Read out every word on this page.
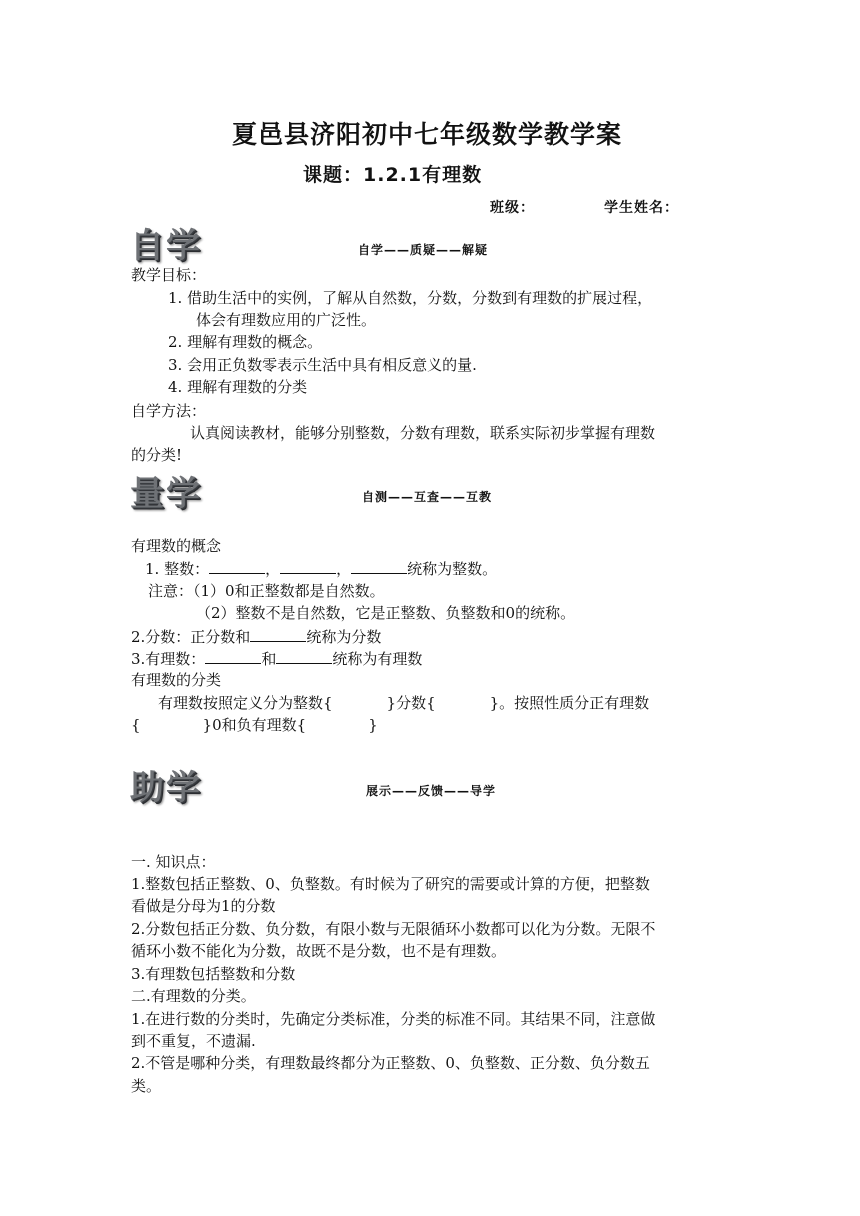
夏邑县济阳初中七年级数学教学案
课题：1.2.1有理数
班级：	学生姓名：
自学	自学——质疑——解疑
教学目标：
1. 借助生活中的实例，了解从自然数，分数，分数到有理数的扩展过程，
体会有理数应用的广泛性。
2. 理解有理数的概念。
3. 会用正负数零表示生活中具有相反意义的量.
4. 理解有理数的分类
自学方法：
认真阅读教材，能够分别整数，分数有理数，联系实际初步掌握有理数
的分类!
量学	自测——互查——互教
有理数的概念
1. 整数：	，	，	统称为整数。
注意：（1）0和正整数都是自然数。
（2）整数不是自然数，它是正整数、负整数和0的统称。
2.分数：正分数和	统称为分数
3.有理数：	和	统称为有理数
有理数的分类
有理数按照定义分为整数{	}分数{	}。按照性质分正有理数
{	}0和负有理数{	}
助学	展示——反馈——导学
一. 知识点：
1.整数包括正整数、0、负整数。有时候为了研究的需要或计算的方便，把整数
看做是分母为1的分数
2.分数包括正分数、负分数，有限小数与无限循环小数都可以化为分数。无限不
循环小数不能化为分数，故既不是分数，也不是有理数。
3.有理数包括整数和分数
二.有理数的分类。
1.在进行数的分类时，先确定分类标准，分类的标准不同。其结果不同，注意做
到不重复，不遗漏.
2.不管是哪种分类，有理数最终都分为正整数、0、负整数、正分数、负分数五
类。
